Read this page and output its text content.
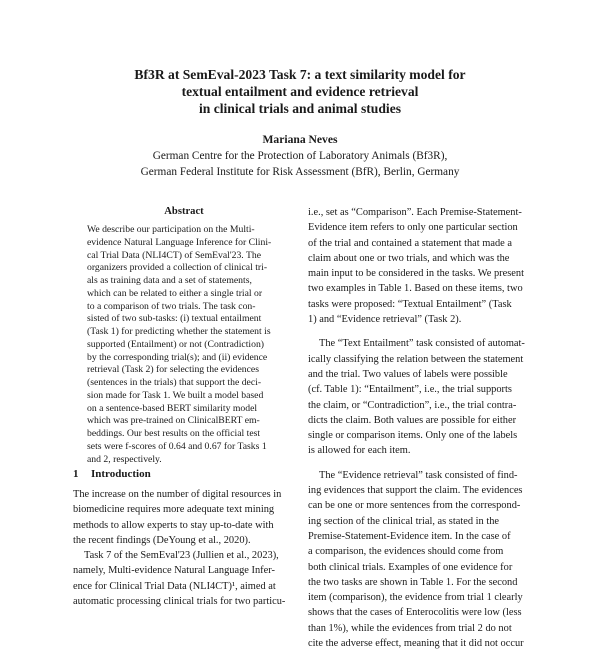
Bf3R at SemEval-2023 Task 7: a text similarity model for
textual entailment and evidence retrieval
in clinical trials and animal studies
Mariana Neves
German Centre for the Protection of Laboratory Animals (Bf3R),
German Federal Institute for Risk Assessment (BfR), Berlin, Germany
Abstract
We describe our participation on the Multi-
evidence Natural Language Inference for Clini-
cal Trial Data (NLI4CT) of SemEval'23. The
organizers provided a collection of clinical tri-
als as training data and a set of statements,
which can be related to either a single trial or
to a comparison of two trials. The task con-
sisted of two sub-tasks: (i) textual entailment
(Task 1) for predicting whether the statement is
supported (Entailment) or not (Contradiction)
by the corresponding trial(s); and (ii) evidence
retrieval (Task 2) for selecting the evidences
(sentences in the trials) that support the deci-
sion made for Task 1. We built a model based
on a sentence-based BERT similarity model
which was pre-trained on ClinicalBERT em-
beddings. Our best results on the official test
sets were f-scores of 0.64 and 0.67 for Tasks 1
and 2, respectively.
1 Introduction
The increase on the number of digital resources in
biomedicine requires more adequate text mining
methods to allow experts to stay up-to-date with
the recent findings (DeYoung et al., 2020).
Task 7 of the SemEval'23 (Jullien et al., 2023),
namely, Multi-evidence Natural Language Infer-
ence for Clinical Trial Data (NLI4CT)¹, aimed at
automatic processing clinical trials for two particu-
i.e., set as “Comparison”. Each Premise-Statement-
Evidence item refers to only one particular section
of the trial and contained a statement that made a
claim about one or two trials, and which was the
main input to be considered in the tasks. We present
two examples in Table 1. Based on these items, two
tasks were proposed: “Textual Entailment” (Task
1) and “Evidence retrieval” (Task 2).
The “Text Entailment” task consisted of automat-
ically classifying the relation between the statement
and the trial. Two values of labels were possible
(cf. Table 1): “Entailment”, i.e., the trial supports
the claim, or “Contradiction”, i.e., the trial contra-
dicts the claim. Both values are possible for either
single or comparison items. Only one of the labels
is allowed for each item.
The “Evidence retrieval” task consisted of find-
ing evidences that support the claim. The evidences
can be one or more sentences from the correspond-
ing section of the clinical trial, as stated in the
Premise-Statement-Evidence item. In the case of
a comparison, the evidences should come from
both clinical trials. Examples of one evidence for
the two tasks are shown in Table 1. For the second
item (comparison), the evidence from trial 1 clearly
shows that the cases of Enterocolitis were low (less
than 1%), while the evidences from trial 2 do not
cite the adverse effect, meaning that it did not occur
